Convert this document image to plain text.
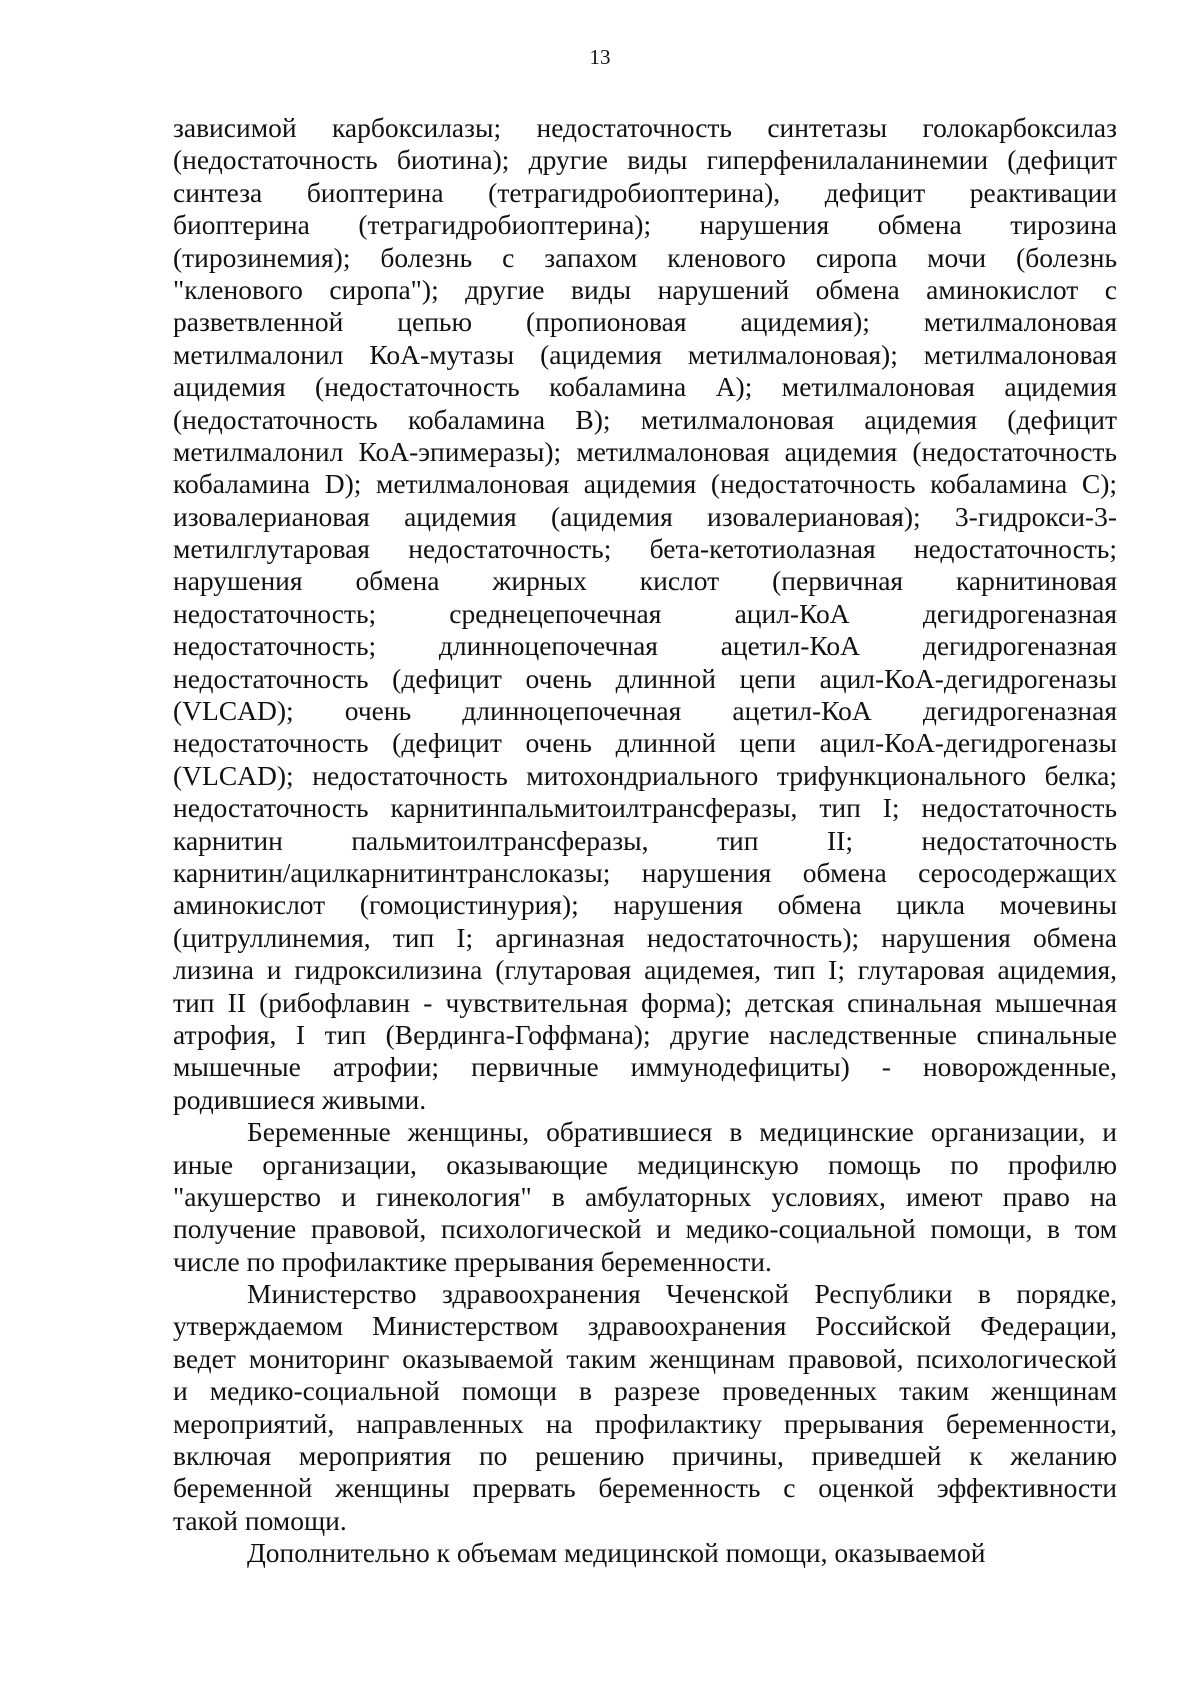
13
зависимой карбоксилазы; недостаточность синтетазы голокарбоксилаз
(недостаточность биотина); другие виды гиперфенилаланинемии (дефицит
синтеза биоптерина (тетрагидробиоптерина), дефицит реактивации
биоптерина (тетрагидробиоптерина); нарушения обмена тирозина
(тирозинемия); болезнь с запахом кленового сиропа мочи (болезнь
"кленового сиропа"); другие виды нарушений обмена аминокислот с
разветвленной цепью (пропионовая ацидемия); метилмалоновая
метилмалонил КоА-мутазы (ацидемия метилмалоновая); метилмалоновая
ацидемия (недостаточность кобаламина А); метилмалоновая ацидемия
(недостаточность кобаламина В); метилмалоновая ацидемия (дефицит
метилмалонил КоА-эпимеразы); метилмалоновая ацидемия (недостаточность
кобаламина D); метилмалоновая ацидемия (недостаточность кобаламина С);
изовалериановая ацидемия (ацидемия изовалериановая); 3-гидрокси-3-
метилглутаровая недостаточность; бета-кетотиолазная недостаточность;
нарушения обмена жирных кислот (первичная карнитиновая
недостаточность; среднецепочечная ацил-КоА дегидрогеназная
недостаточность; длинноцепочечная ацетил-КоА дегидрогеназная
недостаточность (дефицит очень длинной цепи ацил-КоА-дегидрогеназы
(VLCAD); очень длинноцепочечная ацетил-КоА дегидрогеназная
недостаточность (дефицит очень длинной цепи ацил-КоА-дегидрогеназы
(VLCAD); недостаточность митохондриального трифункционального белка;
недостаточность карнитинпальмитоилтрансферазы, тип I; недостаточность
карнитин пальмитоилтрансферазы, тип II; недостаточность
карнитин/ацилкарнитинтранслоказы; нарушения обмена серосодержащих
аминокислот (гомоцистинурия); нарушения обмена цикла мочевины
(цитруллинемия, тип I; аргиназная недостаточность); нарушения обмена
лизина и гидроксилизина (глутаровая ацидемея, тип I; глутаровая ацидемия,
тип II (рибофлавин - чувствительная форма); детская спинальная мышечная
атрофия, I тип (Вердинга-Гоффмана); другие наследственные спинальные
мышечные атрофии; первичные иммунодефициты) - новорожденные,
родившиеся живыми.
Беременные женщины, обратившиеся в медицинские организации, и
иные организации, оказывающие медицинскую помощь по профилю
"акушерство и гинекология" в амбулаторных условиях, имеют право на
получение правовой, психологической и медико-социальной помощи, в том
числе по профилактике прерывания беременности.
Министерство здравоохранения Чеченской Республики в порядке,
утверждаемом Министерством здравоохранения Российской Федерации,
ведет мониторинг оказываемой таким женщинам правовой, психологической
и медико-социальной помощи в разрезе проведенных таким женщинам
мероприятий, направленных на профилактику прерывания беременности,
включая мероприятия по решению причины, приведшей к желанию
беременной женщины прервать беременность с оценкой эффективности
такой помощи.
Дополнительно к объемам медицинской помощи, оказываемой
